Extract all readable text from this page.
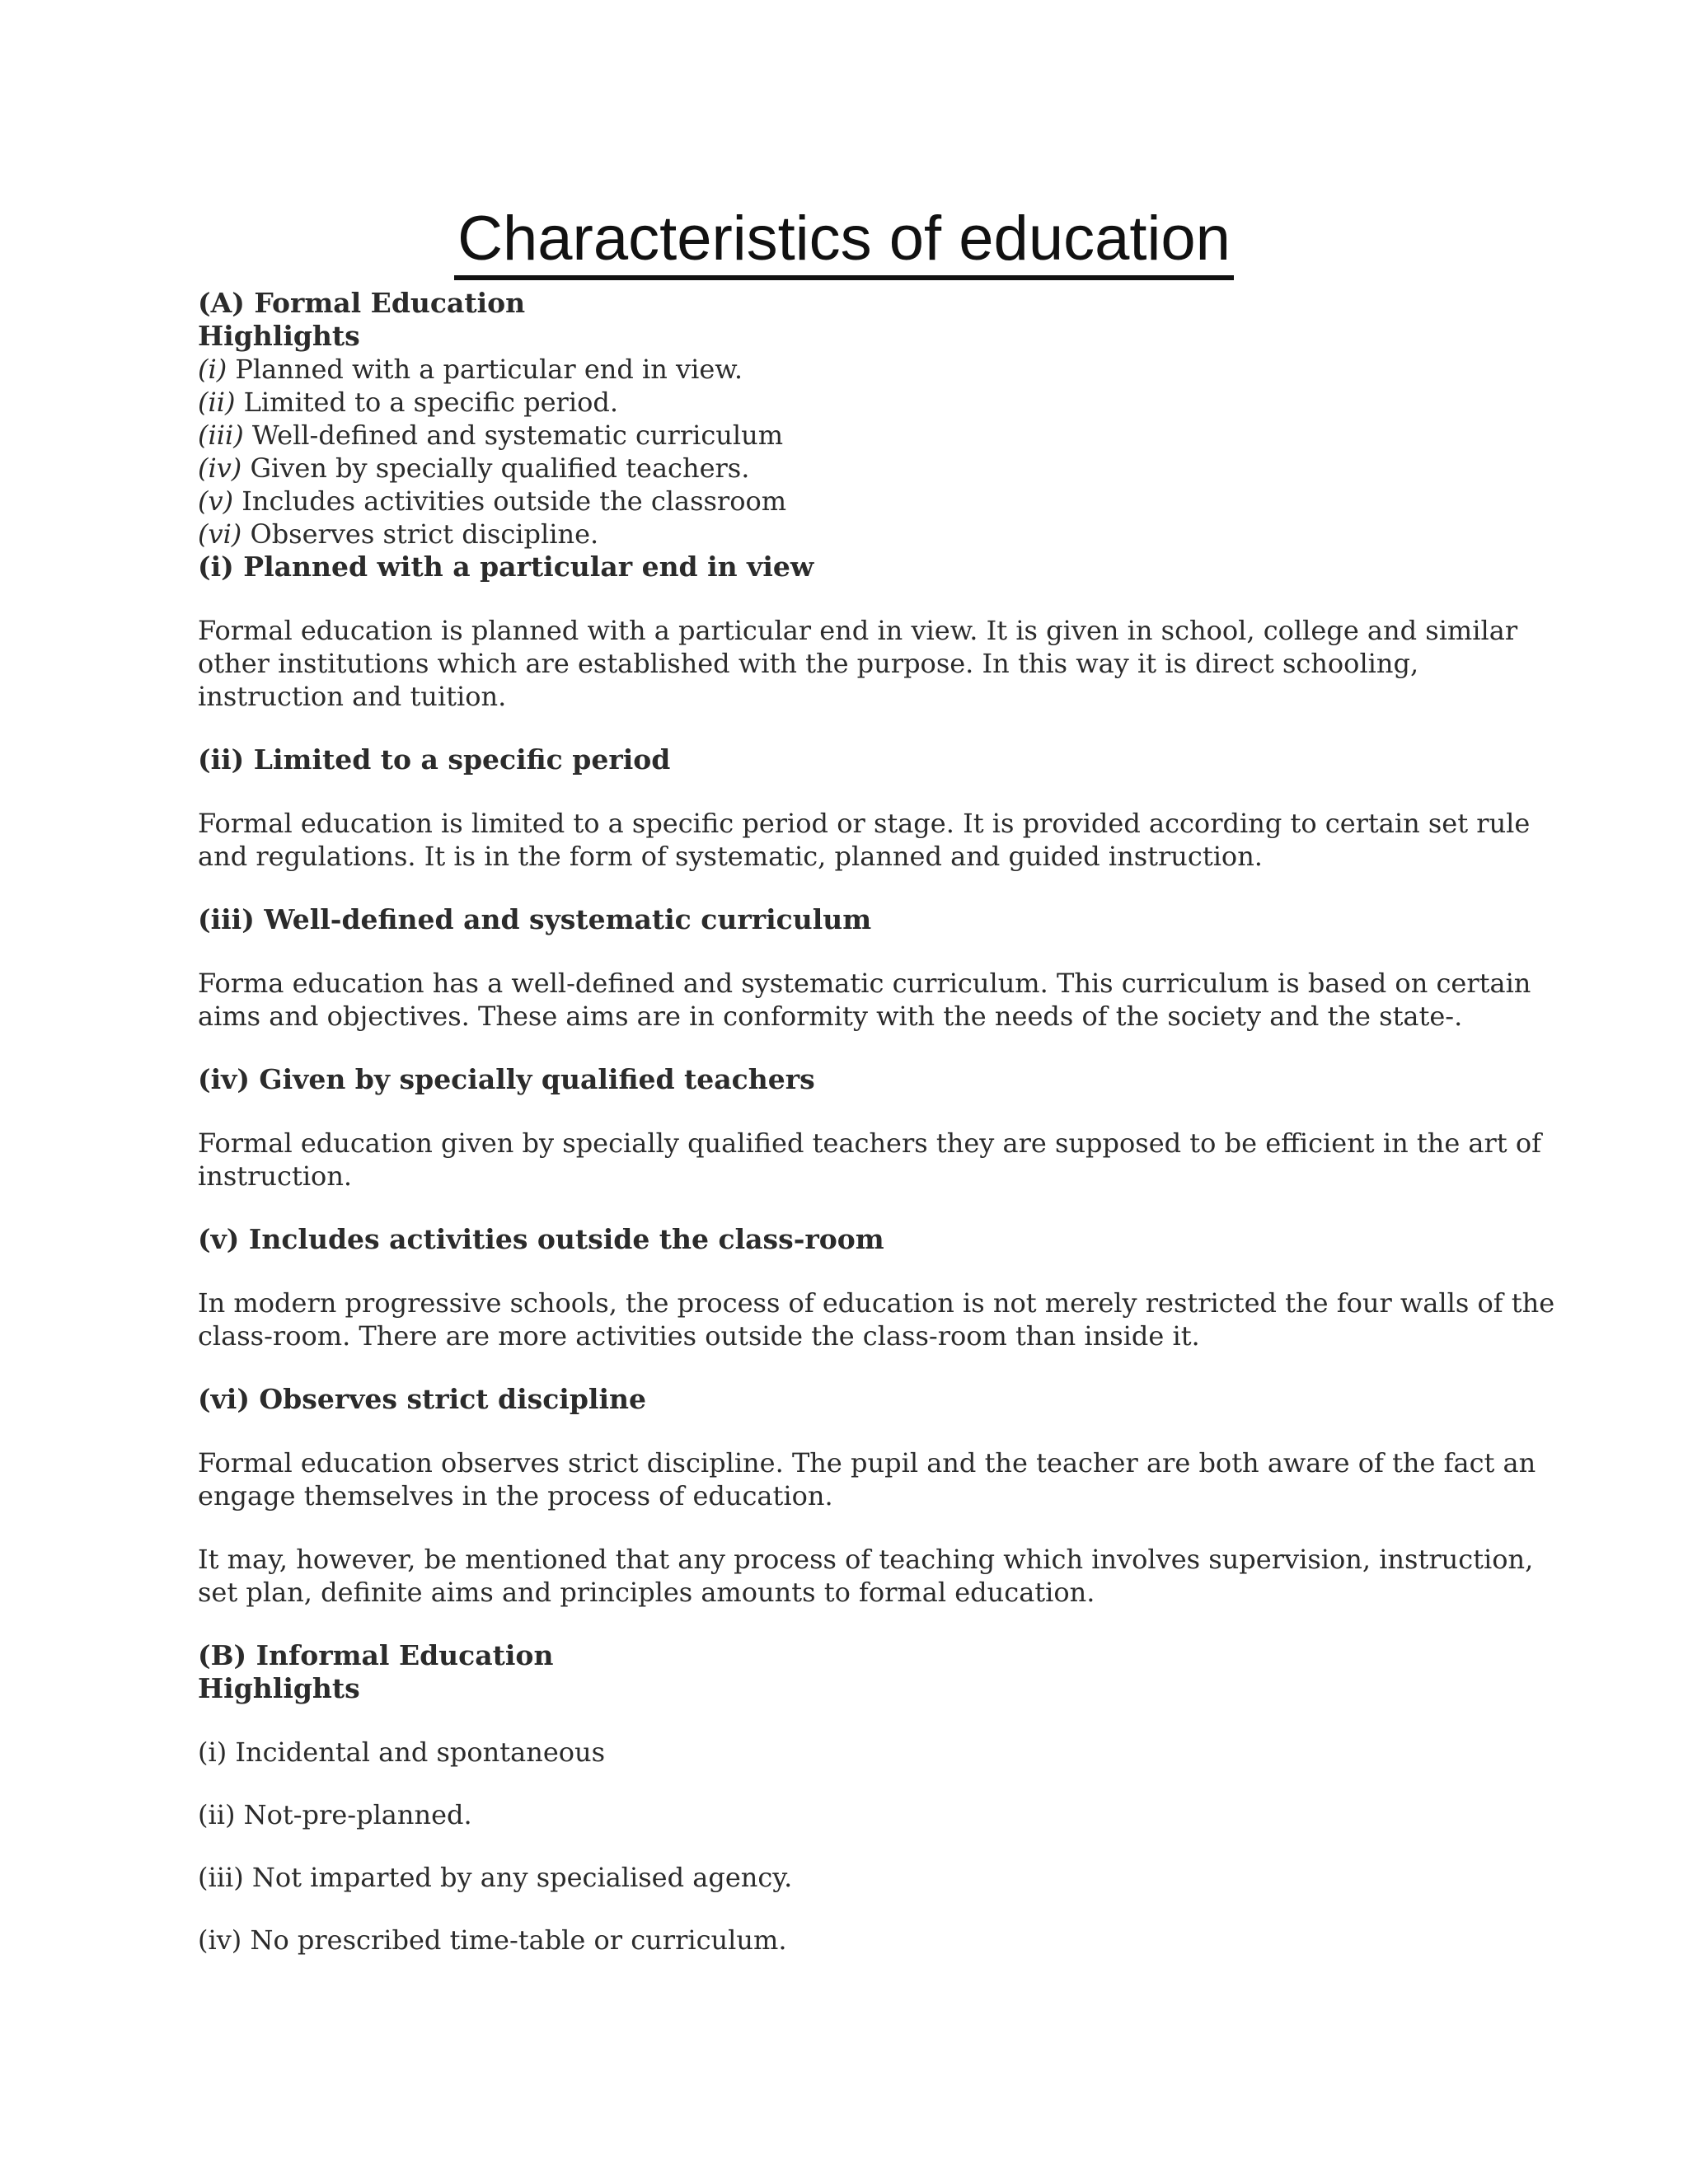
Characteristics of education
(A) Formal Education
Highlights
(i) Planned with a particular end in view.
(ii) Limited to a specific period.
(iii) Well-defined and systematic curriculum
(iv) Given by specially qualified teachers.
(v) Includes activities outside the classroom
(vi) Observes strict discipline.
(i) Planned with a particular end in view
Formal education is planned with a particular end in view. It is given in school, college and similar
other institutions which are established with the purpose. In this way it is direct schooling,
instruction and tuition.
(ii) Limited to a specific period
Formal education is limited to a specific period or stage. It is provided according to certain set rule
and regulations. It is in the form of systematic, planned and guided instruction.
(iii) Well-defined and systematic curriculum
Forma education has a well-defined and systematic curriculum. This curriculum is based on certain
aims and objectives. These aims are in conformity with the needs of the society and the state-.
(iv) Given by specially qualified teachers
Formal education given by specially qualified teachers they are supposed to be efficient in the art of
instruction.
(v) Includes activities outside the class-room
In modern progressive schools, the process of education is not merely restricted the four walls of the
class-room. There are more activities outside the class-room than inside it.
(vi) Observes strict discipline
Formal education observes strict discipline. The pupil and the teacher are both aware of the fact an
engage themselves in the process of education.
It may, however, be mentioned that any process of teaching which involves supervision, instruction,
set plan, definite aims and principles amounts to formal education.
(B) Informal Education
Highlights
(i) Incidental and spontaneous
(ii) Not-pre-planned.
(iii) Not imparted by any specialised agency.
(iv) No prescribed time-table or curriculum.
